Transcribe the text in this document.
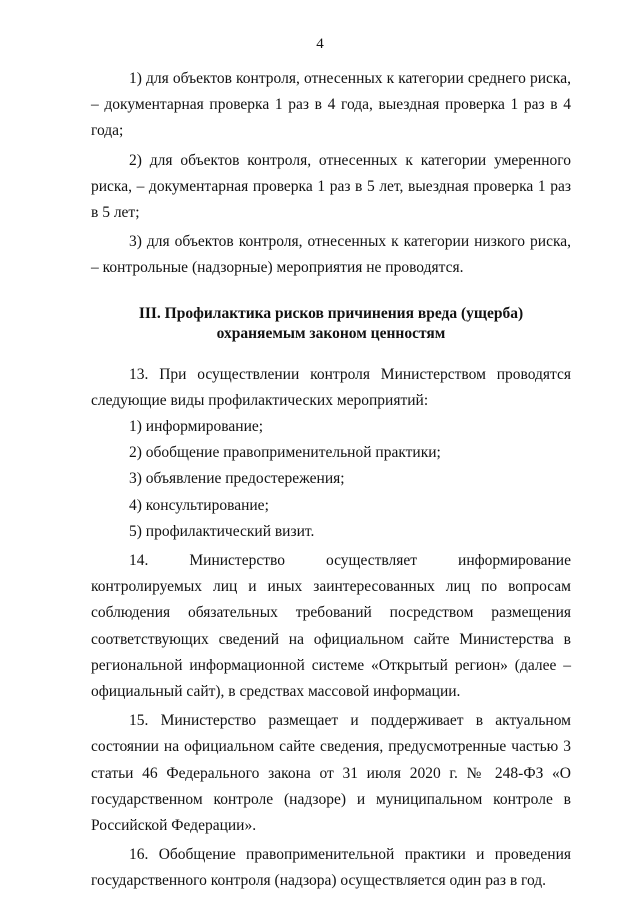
4

1) для объектов контроля, отнесенных к категории среднего риска, – документарная проверка 1 раз в 4 года, выездная проверка 1 раз в 4 года;

2) для объектов контроля, отнесенных к категории умеренного риска, – документарная проверка 1 раз в 5 лет, выездная проверка 1 раз в 5 лет;

3) для объектов контроля, отнесенных к категории низкого риска, – контрольные (надзорные) мероприятия не проводятся.

III. Профилактика рисков причинения вреда (ущерба)
охраняемым законом ценностям

13. При осуществлении контроля Министерством проводятся следующие виды профилактических мероприятий:

1) информирование;

2) обобщение правоприменительной практики;

3) объявление предостережения;

4) консультирование;

5) профилактический визит.

14. Министерство осуществляет информирование контролируемых лиц и иных заинтересованных лиц по вопросам соблюдения обязательных требований посредством размещения соответствующих сведений на официальном сайте Министерства в региональной информационной системе «Открытый регион» (далее – официальный сайт), в средствах массовой информации.

15. Министерство размещает и поддерживает в актуальном состоянии на официальном сайте сведения, предусмотренные частью 3 статьи 46 Федерального закона от 31 июля 2020 г. № 248-ФЗ «О государственном контроле (надзоре) и муниципальном контроле в Российской Федерации».

16. Обобщение правоприменительной практики и проведения государственного контроля (надзора) осуществляется один раз в год.
